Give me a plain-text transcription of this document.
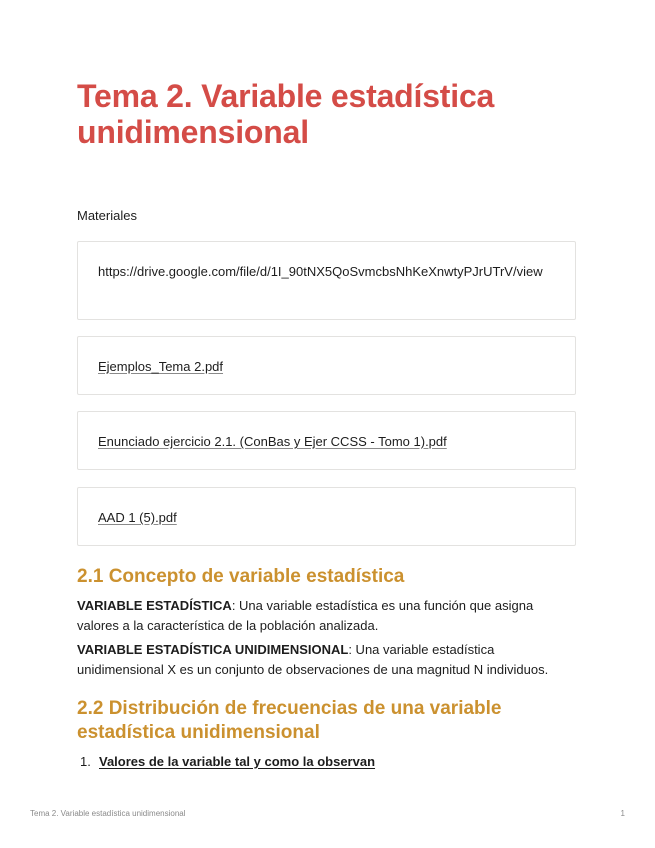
Tema 2. Variable estadística unidimensional
Materiales
https://drive.google.com/file/d/1I_90tNX5QoSvmcbsNhKeXnwtyPJrUTrV/view
Ejemplos_Tema 2.pdf
Enunciado ejercicio 2.1. (ConBas y Ejer CCSS - Tomo 1).pdf
AAD 1 (5).pdf
2.1 Concepto de variable estadística

VARIABLE ESTADÍSTICA: Una variable estadística es una función que asigna valores a la característica de la población analizada.

VARIABLE ESTADÍSTICA UNIDIMENSIONAL: Una variable estadística unidimensional X es un conjunto de observaciones de una magnitud N individuos.

2.2 Distribución de frecuencias de una variable estadística unidimensional
1. Valores de la variable tal y como la observan
Tema 2. Variable estadística unidimensional	1
